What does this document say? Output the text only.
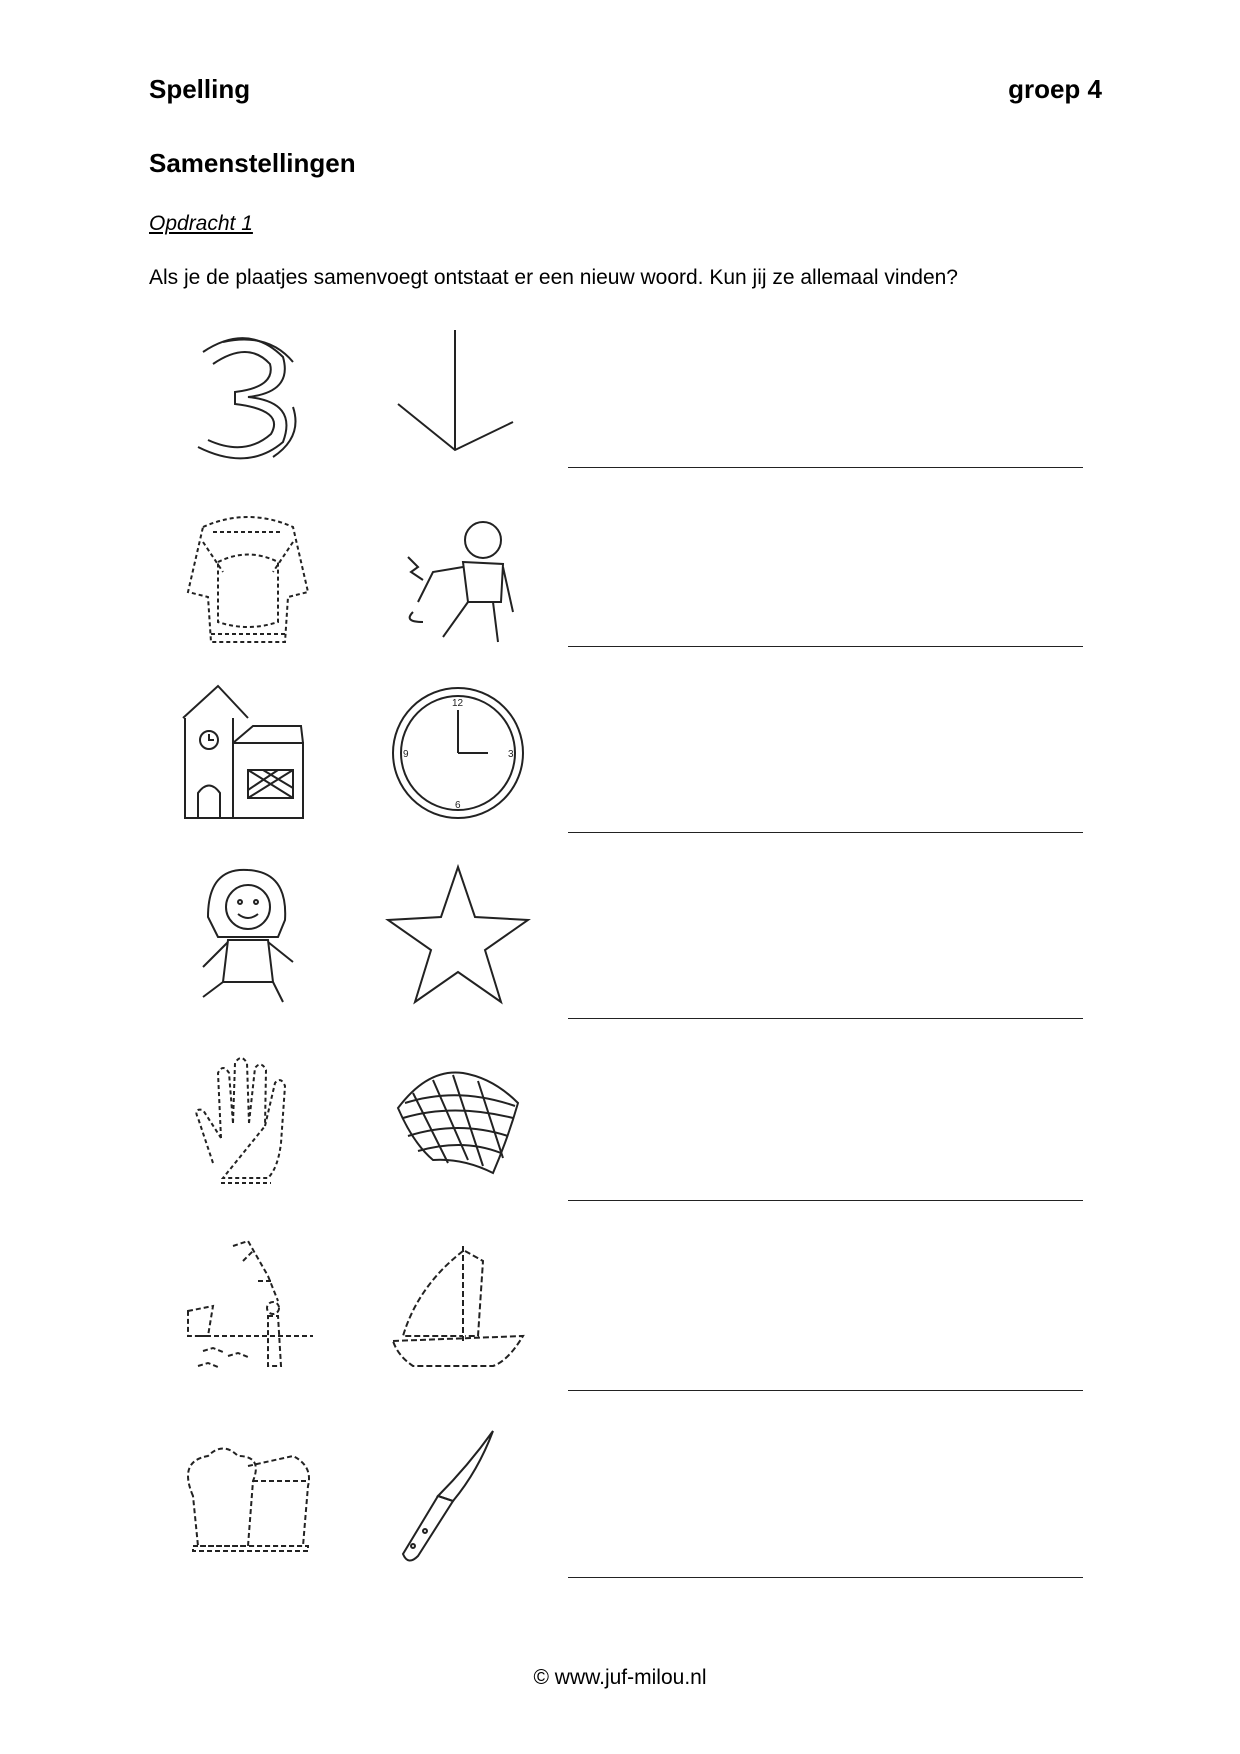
Spelling	groep 4
Samenstellingen
Opdracht 1
Als je de plaatjes samenvoegt ontstaat er een nieuw woord. Kun jij ze allemaal vinden?
12
3
6
9
© www.juf-milou.nl
